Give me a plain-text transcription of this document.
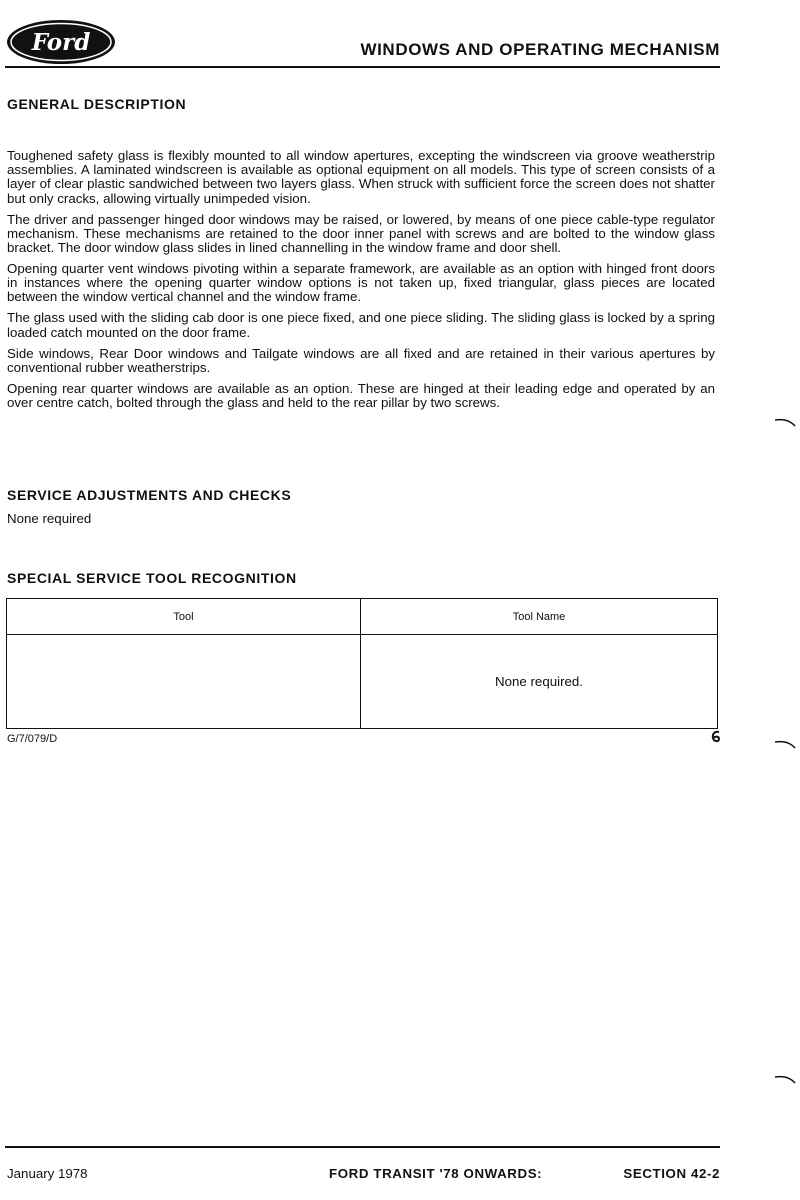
Ford	WINDOWS AND OPERATING MECHANISM
GENERAL DESCRIPTION

Toughened safety glass is flexibly mounted to all window apertures, excepting the windscreen via groove weatherstrip assemblies. A laminated windscreen is available as optional equipment on all models. This type of screen consists of a layer of clear plastic sandwiched between two layers glass. When struck with sufficient force the screen does not shatter but only cracks, allowing virtually unimpeded vision.

The driver and passenger hinged door windows may be raised, or lowered, by means of one piece cable-type regulator mechanism. These mechanisms are retained to the door inner panel with screws and are bolted to the window glass bracket. The door window glass slides in lined channelling in the window frame and door shell.

Opening quarter vent windows pivoting within a separate framework, are available as an option with hinged front doors in instances where the opening quarter window options is not taken up, fixed triangular, glass pieces are located between the window vertical channel and the window frame.

The glass used with the sliding cab door is one piece fixed, and one piece sliding. The sliding glass is locked by a spring loaded catch mounted on the door frame.

Side windows, Rear Door windows and Tailgate windows are all fixed and are retained in their various apertures by conventional rubber weatherstrips.

Opening rear quarter windows are available as an option. These are hinged at their leading edge and operated by an over centre catch, bolted through the glass and held to the rear pillar by two screws.

SERVICE ADJUSTMENTS AND CHECKS
None required
SPECIAL SERVICE TOOL RECOGNITION
Tool	Tool Name
	None required.
G/7/079/D
January 1978	FORD TRANSIT '78 ONWARDS:	SECTION 42-2
